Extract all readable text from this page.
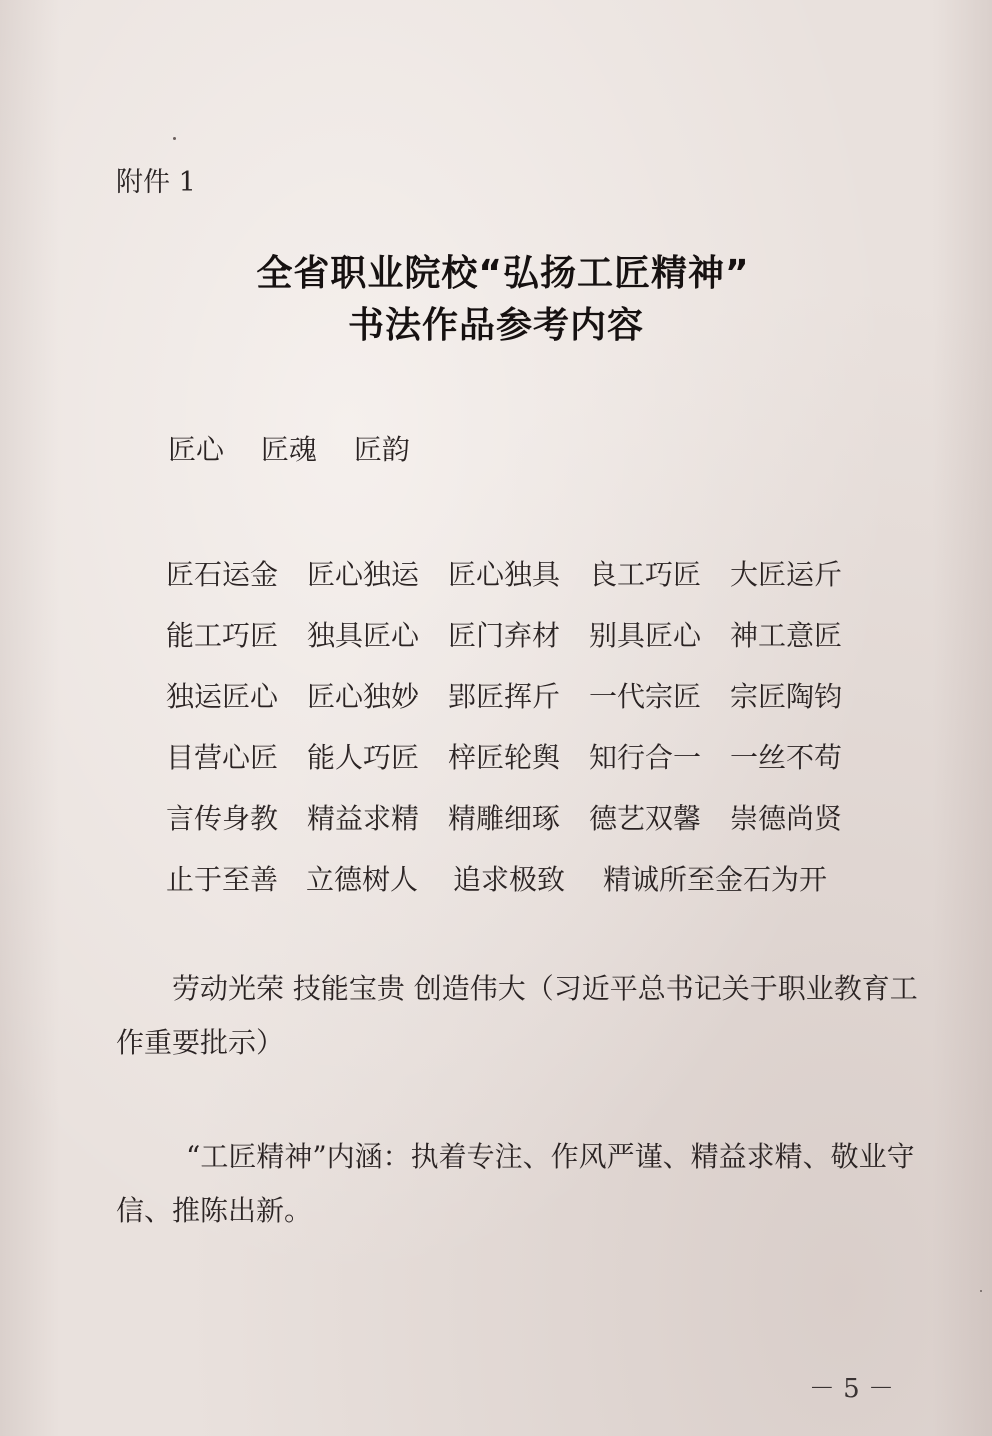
附件 1
全省职业院校“弘扬工匠精神”
书法作品参考内容
匠心 匠魂 匠韵
匠石运金	匠心独运	匠心独具	良工巧匠	大匠运斤
能工巧匠	独具匠心	匠门弃材	别具匠心	神工意匠
独运匠心	匠心独妙	郢匠挥斤	一代宗匠	宗匠陶钧
目营心匠	能人巧匠	梓匠轮舆	知行合一	一丝不苟
言传身教	精益求精	精雕细琢	德艺双馨	崇德尚贤
止于至善 立德树人	追求极致	精诚所至金石为开
劳动光荣 技能宝贵 创造伟大（习近平总书记关于职业教育工作重要批示）
“工匠精神”内涵：执着专注、作风严谨、精益求精、敬业守信、推陈出新。
－ 5 －
